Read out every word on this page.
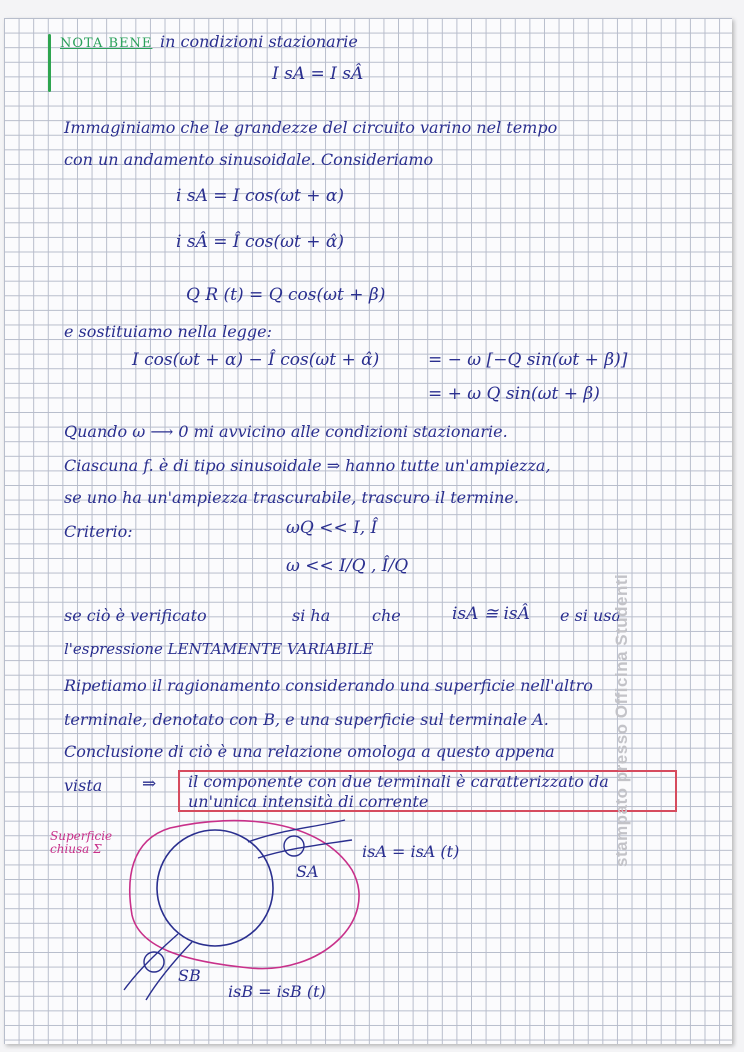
NOTA BENE in condizioni stazionarie
I sA = I sÂ
Immaginiamo che le grandezze del circuito varino nel tempo
con un andamento sinusoidale. Consideriamo
i sA = I cos(ωt + α)
i sÂ = Î cos(ωt + α̂)
Q R (t) = Q cos(ωt + β)
e sostituiamo nella legge:
I cos(ωt + α) − Î cos(ωt + α̂)	= − ω [−Q sin(ωt + β)]
= + ω Q sin(ωt + β)
Quando ω ⟶ 0 mi avvicino alle condizioni stazionarie.
Ciascuna f. è di tipo sinusoidale ⇒ hanno tutte un'ampiezza,
se uno ha un'ampiezza trascurabile, trascuro il termine.
Criterio:	ωQ << I, Î
ω << I/Q , Î/Q
se ciò è verificato	si ha	che	isA ≅ isÂ e si usa
l'espressione LENTAMENTE VARIABILE
Ripetiamo il ragionamento considerando una superficie nell'altro
terminale, denotato con B, e una superficie sul terminale A.
Conclusione di ciò è una relazione omologa a questo appena
vista ⇒ il componente con due terminali è caratterizzato da
un'unica intensità di corrente
Superficie chiusa Σ
SA
SB
isA = isA (t)
isB = isB (t)
stampato presso Officina Studenti
